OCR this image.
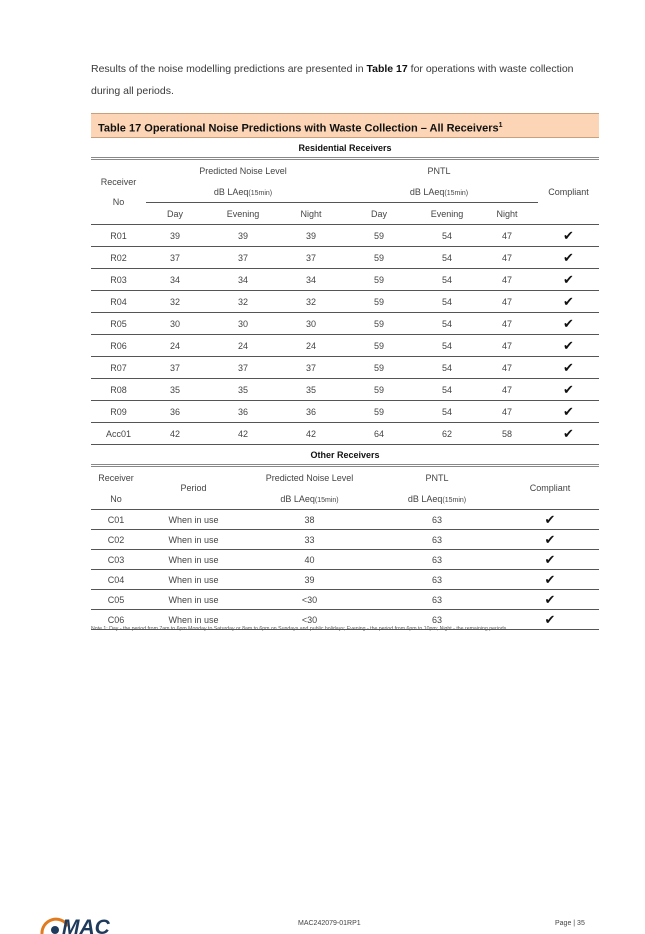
Results of the noise modelling predictions are presented in Table 17 for operations with waste collection during all periods.
Table 17 Operational Noise Predictions with Waste Collection – All Receivers$^1$
Residential Receivers							

Receiver
No	Predicted Noise Level			PNTL			Compliant
	dB LAeq(15min)			dB LAeq(15min)			
	Day	Evening	Night	Day	Evening	Night	
R01	39	39	39	59	54	47	✔
R02	37	37	37	59	54	47	✔
R03	34	34	34	59	54	47	✔
R04	32	32	32	59	54	47	✔
R05	30	30	30	59	54	47	✔
R06	24	24	24	59	54	47	✔
R07	37	37	37	59	54	47	✔
R08	35	35	35	59	54	47	✔
R09	36	36	36	59	54	47	✔
Acc01	42	42	42	64	62	58	✔
Other Receivers				
Receiver	Period	Predicted Noise Level	PNTL	Compliant
No		dB LAeq(15min)	dB LAeq(15min)	
C01	When in use	38	63	✔
C02	When in use	33	63	✔
C03	When in use	40	63	✔
C04	When in use	39	63	✔
C05	When in use	<30	63	✔
C06	When in use	<30	63	✔
Note 1: Day - the period from 7am to 6pm Monday to Saturday or 8am to 6pm on Sundays and public holidays; Evening - the period from 6pm to 10pm; Night - the remaining periods.
MAC	MAC242079-01RP1	Page | 35
